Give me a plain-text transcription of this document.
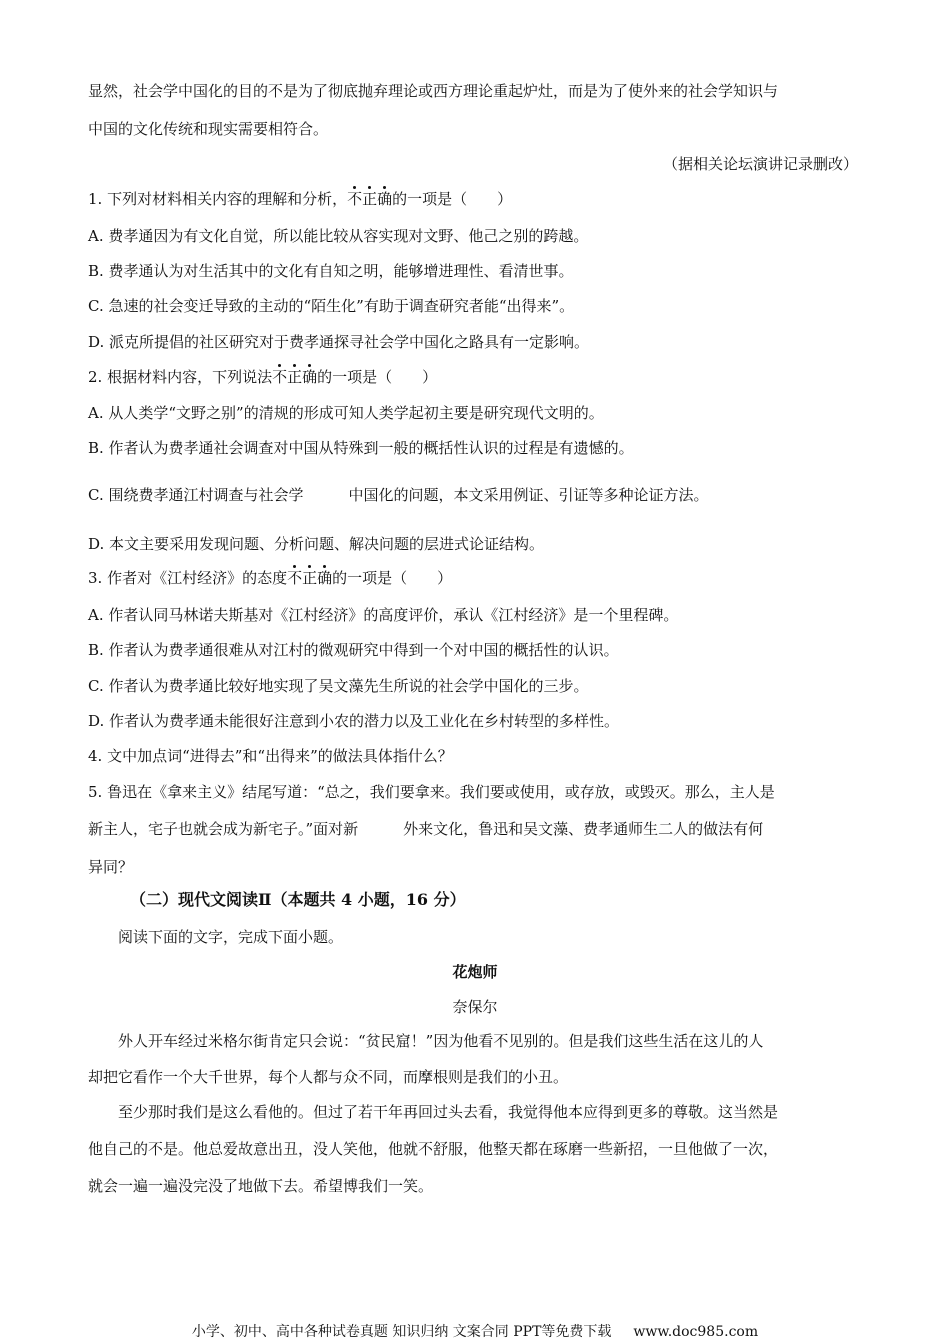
显然，社会学中国化的目的不是为了彻底抛弃理论或西方理论重起炉灶，而是为了使外来的社会学知识与
中国的文化传统和现实需要相符合。
（据相关论坛演讲记录删改）
1. 下列对材料相关内容的理解和分析，不正确的一项是（　　）
A. 费孝通因为有文化自觉，所以能比较从容实现对文野、他己之别的跨越。
B. 费孝通认为对生活其中的文化有自知之明，能够增进理性、看清世事。
C. 急速的社会变迁导致的主动的“陌生化”有助于调查研究者能“出得来”。
D. 派克所提倡的社区研究对于费孝通探寻社会学中国化之路具有一定影响。
2. 根据材料内容，下列说法不正确的一项是（　　）
A. 从人类学“文野之别”的清规的形成可知人类学起初主要是研究现代文明的。
B. 作者认为费孝通社会调查对中国从特殊到一般的概括性认识的过程是有遗憾的。
C. 围绕费孝通江村调查与社会学　　　中国化的问题，本文采用例证、引证等多种论证方法。
D. 本文主要采用发现问题、分析问题、解决问题的层进式论证结构。
3. 作者对《江村经济》的态度不正确的一项是（　　）
A. 作者认同马林诺夫斯基对《江村经济》的高度评价，承认《江村经济》是一个里程碑。
B. 作者认为费孝通很难从对江村的微观研究中得到一个对中国的概括性的认识。
C. 作者认为费孝通比较好地实现了吴文藻先生所说的社会学中国化的三步。
D. 作者认为费孝通未能很好注意到小农的潜力以及工业化在乡村转型的多样性。
4. 文中加点词“进得去”和“出得来”的做法具体指什么？
5. 鲁迅在《拿来主义》结尾写道：“总之，我们要拿来。我们要或使用，或存放，或毁灭。那么，主人是
新主人，宅子也就会成为新宅子。”面对新　　　外来文化，鲁迅和吴文藻、费孝通师生二人的做法有何
异同？
（二）现代文阅读Ⅱ（本题共 4 小题，16 分）
阅读下面的文字，完成下面小题。
花炮师
奈保尔
外人开车经过米格尔街肯定只会说：“贫民窟！”因为他看不见别的。但是我们这些生活在这儿的人
却把它看作一个大千世界，每个人都与众不同，而摩根则是我们的小丑。
至少那时我们是这么看他的。但过了若干年再回过头去看，我觉得他本应得到更多的尊敬。这当然是
他自己的不是。他总爱故意出丑，没人笑他，他就不舒服，他整天都在琢磨一些新招，一旦他做了一次，
就会一遍一遍没完没了地做下去。希望博我们一笑。
小学、初中、高中各种试卷真题 知识归纳 文案合同 PPT等免费下载 www.doc985.com
